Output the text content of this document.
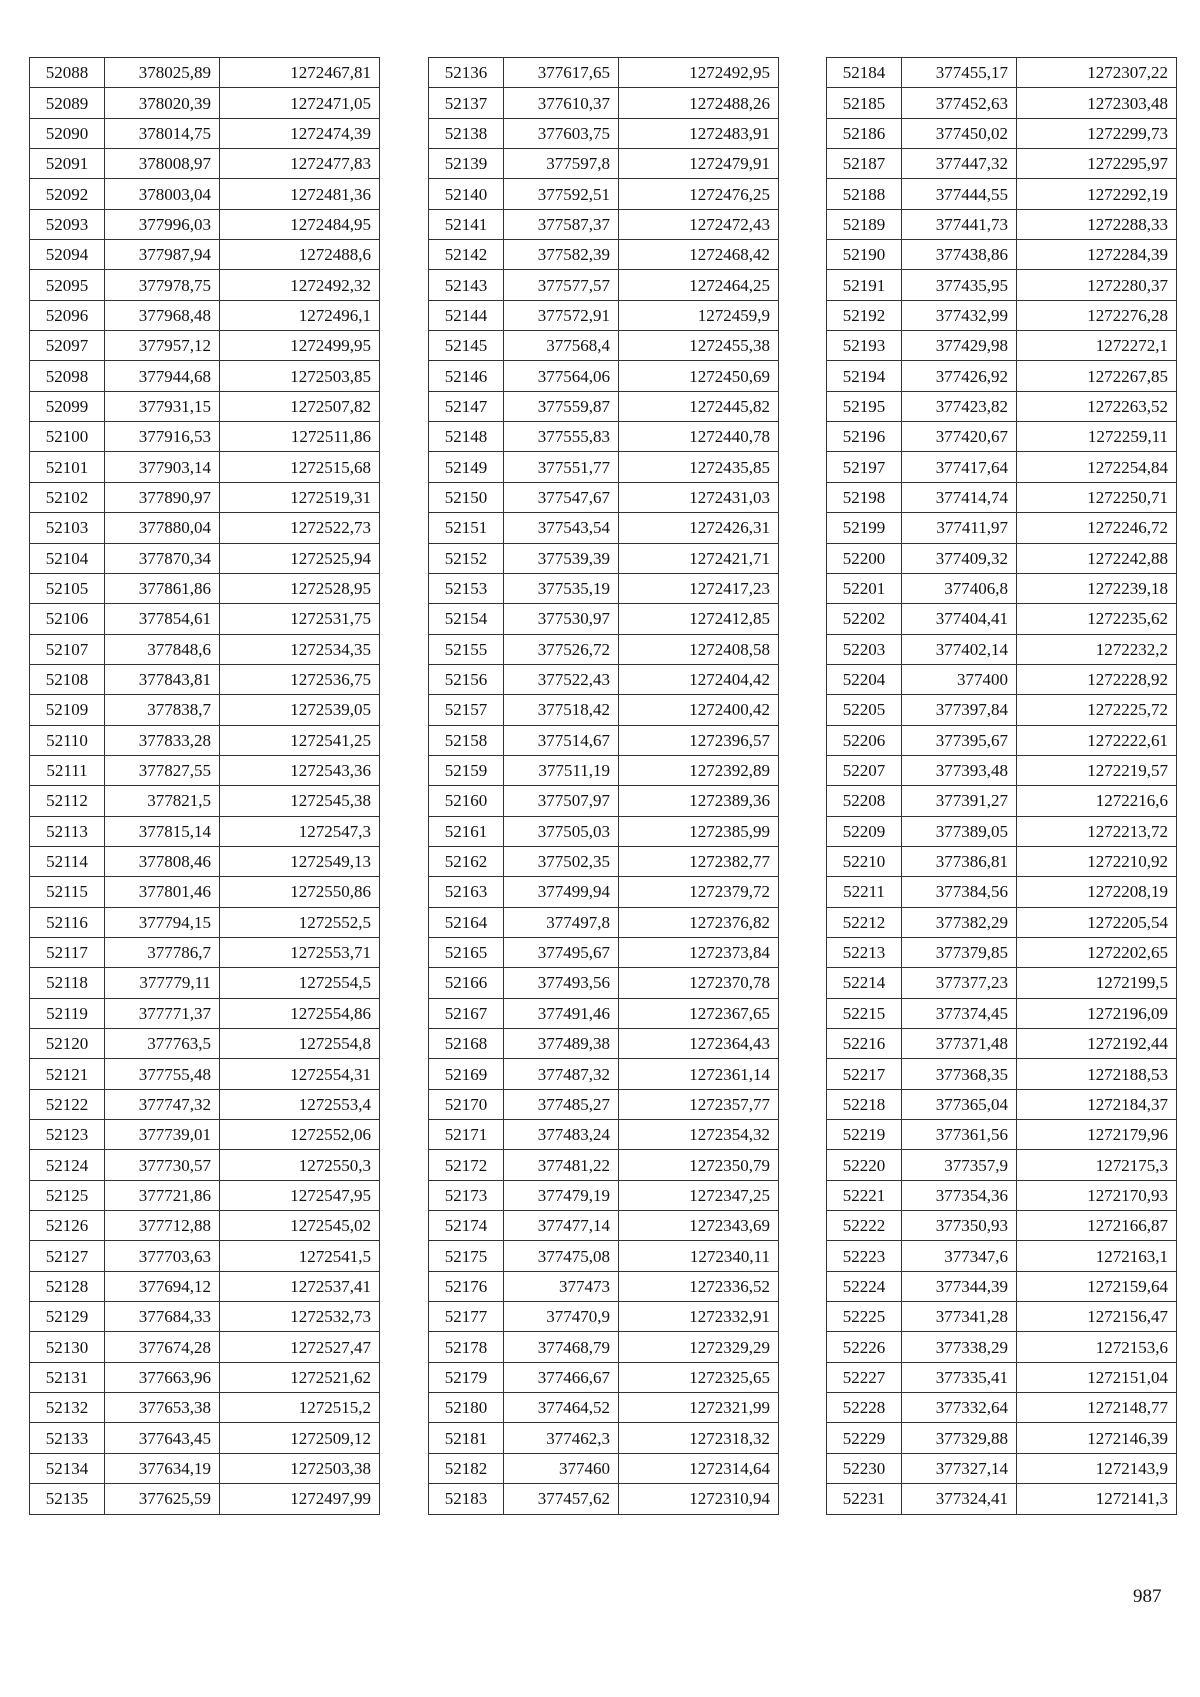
52088	378025,89	1272467,81
52089	378020,39	1272471,05
52090	378014,75	1272474,39
52091	378008,97	1272477,83
52092	378003,04	1272481,36
52093	377996,03	1272484,95
52094	377987,94	1272488,6
52095	377978,75	1272492,32
52096	377968,48	1272496,1
52097	377957,12	1272499,95
52098	377944,68	1272503,85
52099	377931,15	1272507,82
52100	377916,53	1272511,86
52101	377903,14	1272515,68
52102	377890,97	1272519,31
52103	377880,04	1272522,73
52104	377870,34	1272525,94
52105	377861,86	1272528,95
52106	377854,61	1272531,75
52107	377848,6	1272534,35
52108	377843,81	1272536,75
52109	377838,7	1272539,05
52110	377833,28	1272541,25
52111	377827,55	1272543,36
52112	377821,5	1272545,38
52113	377815,14	1272547,3
52114	377808,46	1272549,13
52115	377801,46	1272550,86
52116	377794,15	1272552,5
52117	377786,7	1272553,71
52118	377779,11	1272554,5
52119	377771,37	1272554,86
52120	377763,5	1272554,8
52121	377755,48	1272554,31
52122	377747,32	1272553,4
52123	377739,01	1272552,06
52124	377730,57	1272550,3
52125	377721,86	1272547,95
52126	377712,88	1272545,02
52127	377703,63	1272541,5
52128	377694,12	1272537,41
52129	377684,33	1272532,73
52130	377674,28	1272527,47
52131	377663,96	1272521,62
52132	377653,38	1272515,2
52133	377643,45	1272509,12
52134	377634,19	1272503,38
52135	377625,59	1272497,99
52136	377617,65	1272492,95
52137	377610,37	1272488,26
52138	377603,75	1272483,91
52139	377597,8	1272479,91
52140	377592,51	1272476,25
52141	377587,37	1272472,43
52142	377582,39	1272468,42
52143	377577,57	1272464,25
52144	377572,91	1272459,9
52145	377568,4	1272455,38
52146	377564,06	1272450,69
52147	377559,87	1272445,82
52148	377555,83	1272440,78
52149	377551,77	1272435,85
52150	377547,67	1272431,03
52151	377543,54	1272426,31
52152	377539,39	1272421,71
52153	377535,19	1272417,23
52154	377530,97	1272412,85
52155	377526,72	1272408,58
52156	377522,43	1272404,42
52157	377518,42	1272400,42
52158	377514,67	1272396,57
52159	377511,19	1272392,89
52160	377507,97	1272389,36
52161	377505,03	1272385,99
52162	377502,35	1272382,77
52163	377499,94	1272379,72
52164	377497,8	1272376,82
52165	377495,67	1272373,84
52166	377493,56	1272370,78
52167	377491,46	1272367,65
52168	377489,38	1272364,43
52169	377487,32	1272361,14
52170	377485,27	1272357,77
52171	377483,24	1272354,32
52172	377481,22	1272350,79
52173	377479,19	1272347,25
52174	377477,14	1272343,69
52175	377475,08	1272340,11
52176	377473	1272336,52
52177	377470,9	1272332,91
52178	377468,79	1272329,29
52179	377466,67	1272325,65
52180	377464,52	1272321,99
52181	377462,3	1272318,32
52182	377460	1272314,64
52183	377457,62	1272310,94
52184	377455,17	1272307,22
52185	377452,63	1272303,48
52186	377450,02	1272299,73
52187	377447,32	1272295,97
52188	377444,55	1272292,19
52189	377441,73	1272288,33
52190	377438,86	1272284,39
52191	377435,95	1272280,37
52192	377432,99	1272276,28
52193	377429,98	1272272,1
52194	377426,92	1272267,85
52195	377423,82	1272263,52
52196	377420,67	1272259,11
52197	377417,64	1272254,84
52198	377414,74	1272250,71
52199	377411,97	1272246,72
52200	377409,32	1272242,88
52201	377406,8	1272239,18
52202	377404,41	1272235,62
52203	377402,14	1272232,2
52204	377400	1272228,92
52205	377397,84	1272225,72
52206	377395,67	1272222,61
52207	377393,48	1272219,57
52208	377391,27	1272216,6
52209	377389,05	1272213,72
52210	377386,81	1272210,92
52211	377384,56	1272208,19
52212	377382,29	1272205,54
52213	377379,85	1272202,65
52214	377377,23	1272199,5
52215	377374,45	1272196,09
52216	377371,48	1272192,44
52217	377368,35	1272188,53
52218	377365,04	1272184,37
52219	377361,56	1272179,96
52220	377357,9	1272175,3
52221	377354,36	1272170,93
52222	377350,93	1272166,87
52223	377347,6	1272163,1
52224	377344,39	1272159,64
52225	377341,28	1272156,47
52226	377338,29	1272153,6
52227	377335,41	1272151,04
52228	377332,64	1272148,77
52229	377329,88	1272146,39
52230	377327,14	1272143,9
52231	377324,41	1272141,3
987
